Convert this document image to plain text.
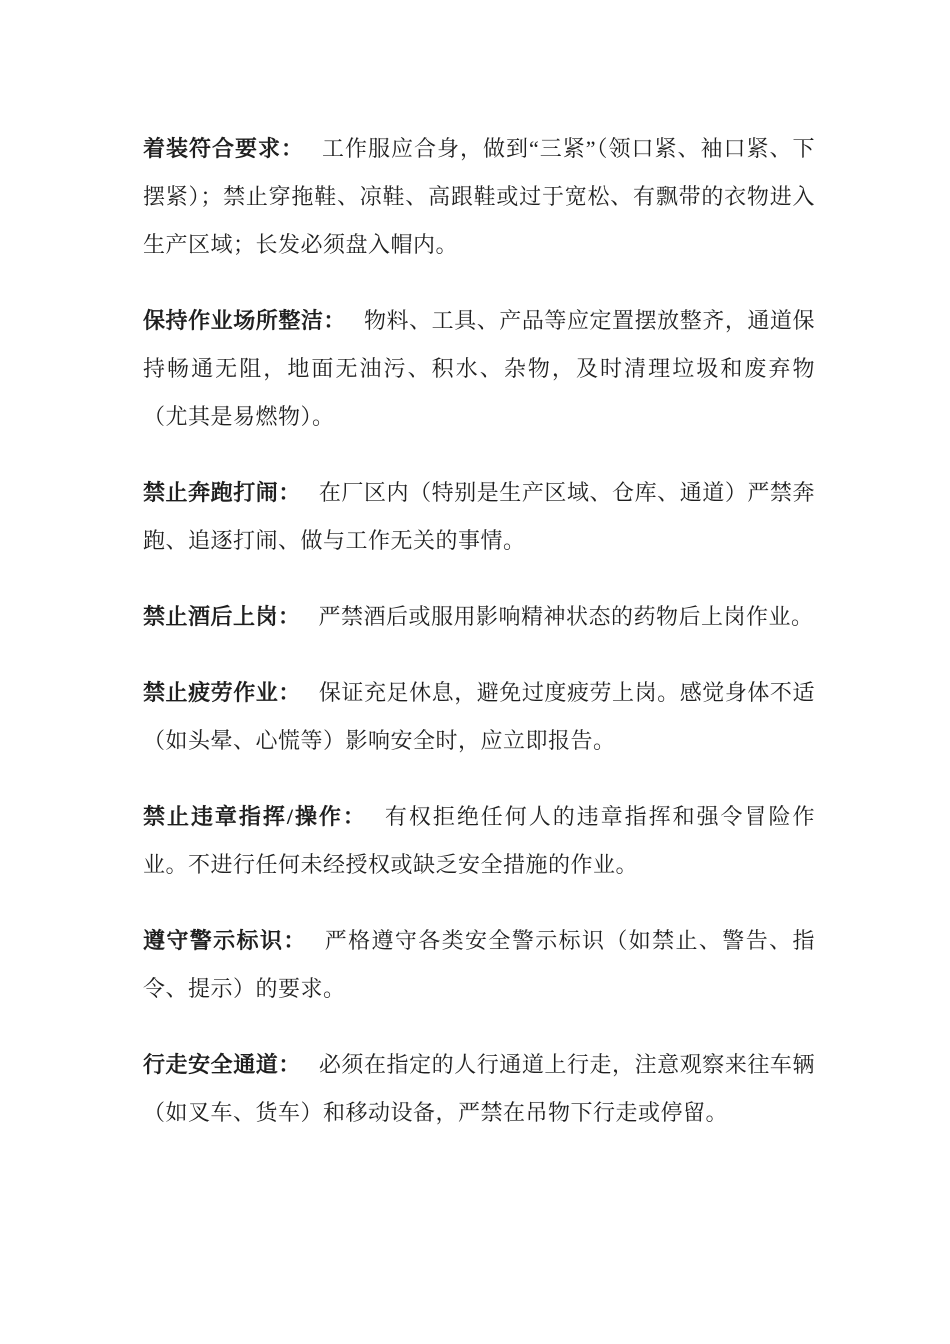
着装符合要求： 工作服应合身，做到“三紧”（领口紧、袖口紧、下摆紧）；禁止穿拖鞋、凉鞋、高跟鞋或过于宽松、有飘带的衣物进入生产区域；长发必须盘入帽内。

保持作业场所整洁： 物料、工具、产品等应定置摆放整齐，通道保持畅通无阻，地面无油污、积水、杂物，及时清理垃圾和废弃物（尤其是易燃物）。

禁止奔跑打闹： 在厂区内（特别是生产区域、仓库、通道）严禁奔跑、追逐打闹、做与工作无关的事情。

禁止酒后上岗： 严禁酒后或服用影响精神状态的药物后上岗作业。

禁止疲劳作业： 保证充足休息，避免过度疲劳上岗。感觉身体不适（如头晕、心慌等）影响安全时，应立即报告。

禁止违章指挥/操作： 有权拒绝任何人的违章指挥和强令冒险作业。不进行任何未经授权或缺乏安全措施的作业。

遵守警示标识： 严格遵守各类安全警示标识（如禁止、警告、指令、提示）的要求。

行走安全通道： 必须在指定的人行通道上行走，注意观察来往车辆（如叉车、货车）和移动设备，严禁在吊物下行走或停留。
